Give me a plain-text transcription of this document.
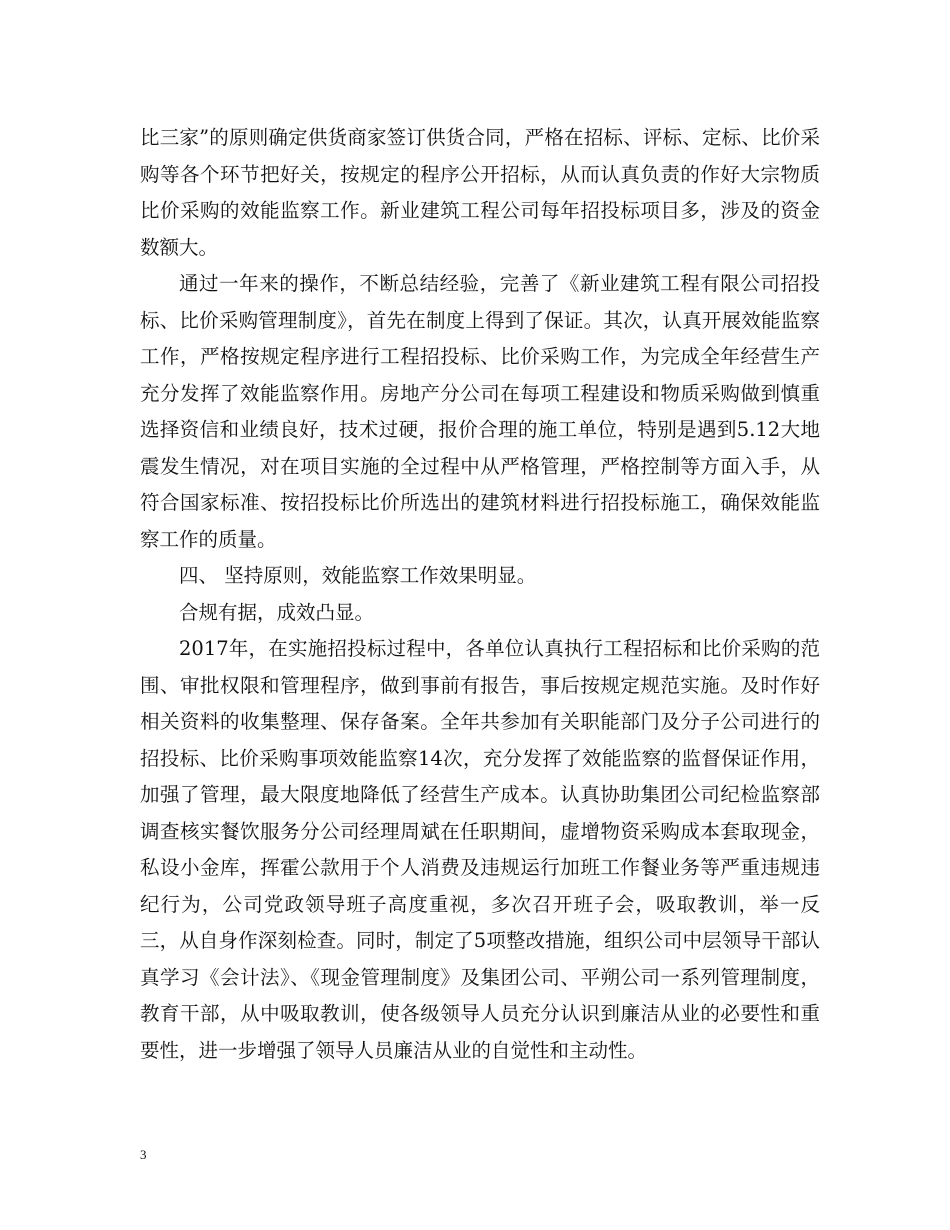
比三家”的原则确定供货商家签订供货合同，严格在招标、评标、定标、比价采购等各个环节把好关，按规定的程序公开招标，从而认真负责的作好大宗物质比价采购的效能监察工作。新业建筑工程公司每年招投标项目多，涉及的资金数额大。

通过一年来的操作，不断总结经验，完善了《新业建筑工程有限公司招投标、比价采购管理制度》，首先在制度上得到了保证。其次，认真开展效能监察工作，严格按规定程序进行工程招投标、比价采购工作，为完成全年经营生产充分发挥了效能监察作用。房地产分公司在每项工程建设和物质采购做到慎重选择资信和业绩良好，技术过硬，报价合理的施工单位，特别是遇到5.12大地震发生情况，对在项目实施的全过程中从严格管理，严格控制等方面入手，从符合国家标准、按招投标比价所选出的建筑材料进行招投标施工，确保效能监察工作的质量。

四、 坚持原则，效能监察工作效果明显。

合规有据，成效凸显。

2017年，在实施招投标过程中，各单位认真执行工程招标和比价采购的范围、审批权限和管理程序，做到事前有报告，事后按规定规范实施。及时作好相关资料的收集整理、保存备案。全年共参加有关职能部门及分子公司进行的招投标、比价采购事项效能监察14次，充分发挥了效能监察的监督保证作用，加强了管理，最大限度地降低了经营生产成本。认真协助集团公司纪检监察部调查核实餐饮服务分公司经理周斌在任职期间，虚增物资采购成本套取现金，私设小金库，挥霍公款用于个人消费及违规运行加班工作餐业务等严重违规违纪行为，公司党政领导班子高度重视，多次召开班子会，吸取教训，举一反三，从自身作深刻检查。同时，制定了5项整改措施，组织公司中层领导干部认真学习《会计法》、《现金管理制度》及集团公司、平朔公司一系列管理制度，教育干部，从中吸取教训，使各级领导人员充分认识到廉洁从业的必要性和重要性，进一步增强了领导人员廉洁从业的自觉性和主动性。

3
